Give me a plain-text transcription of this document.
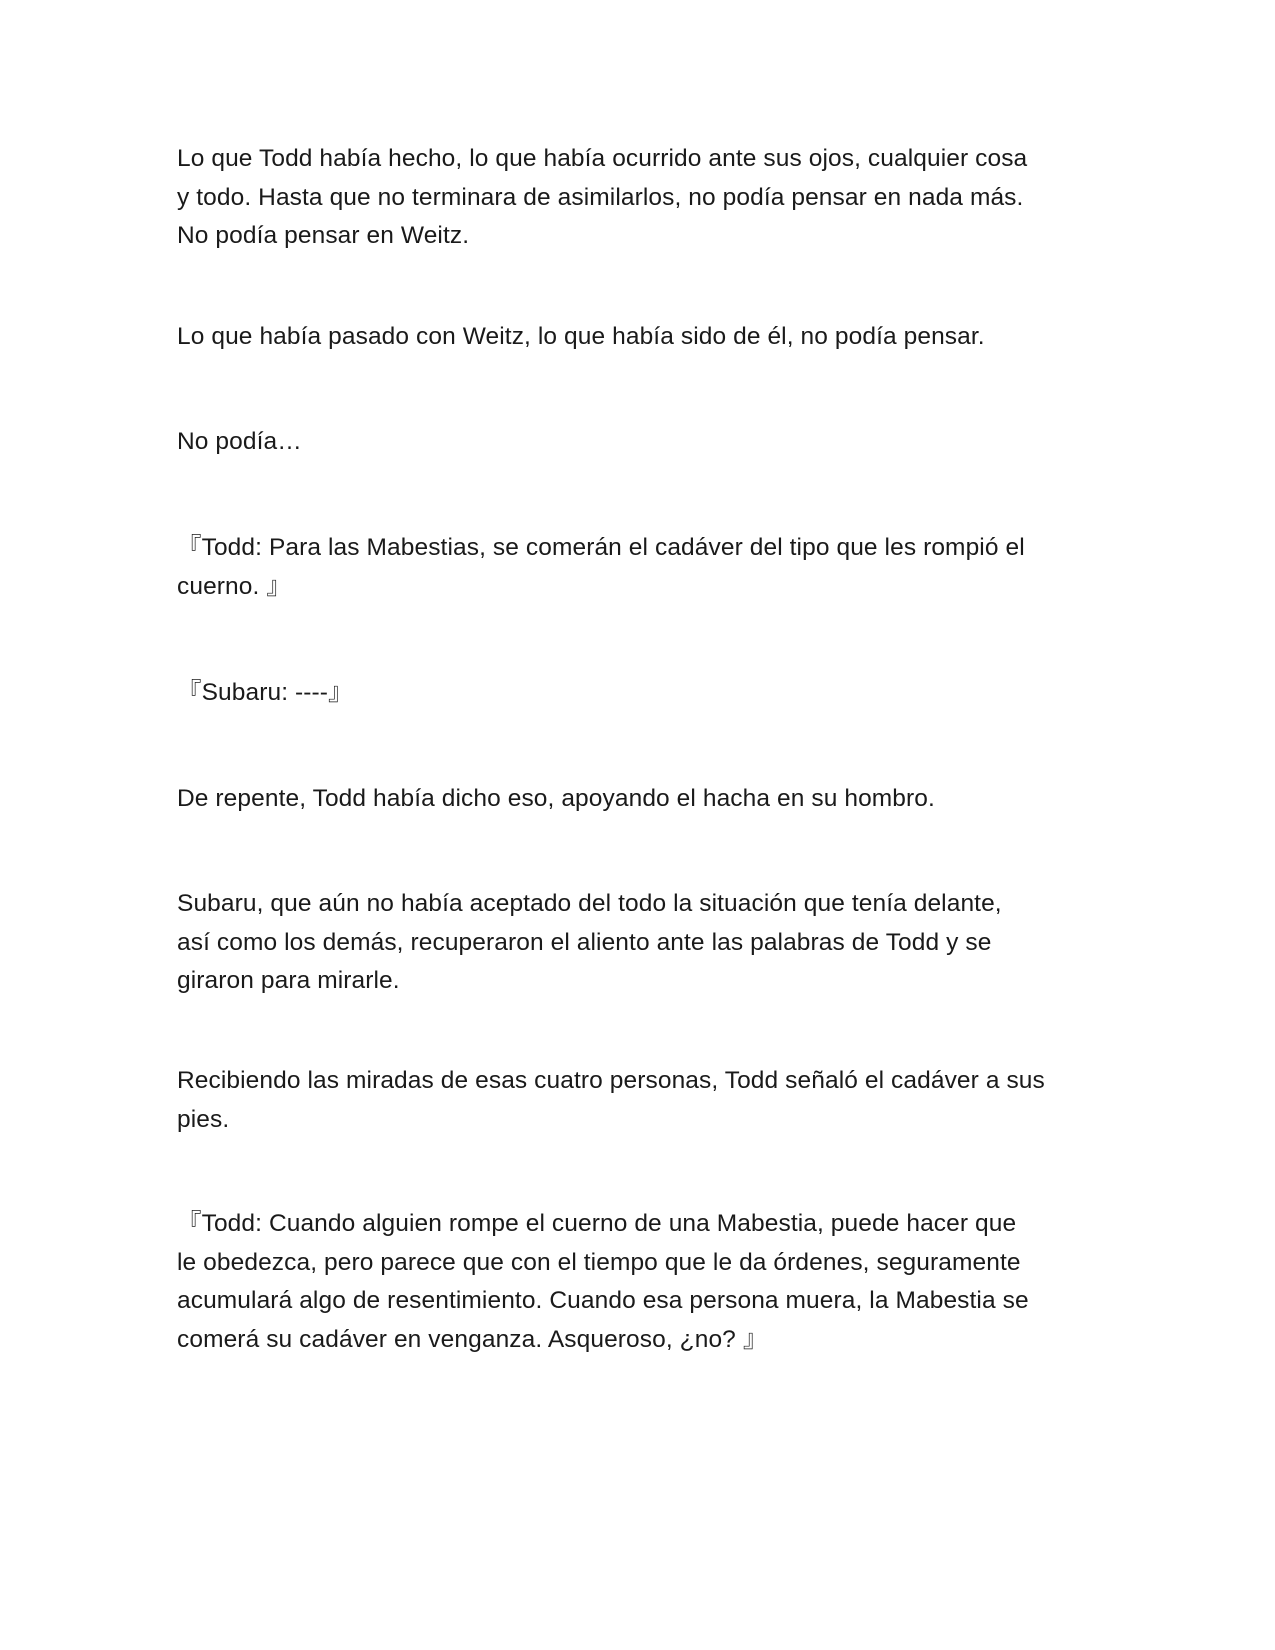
Lo que Todd había hecho, lo que había ocurrido ante sus ojos, cualquier cosa
y todo. Hasta que no terminara de asimilarlos, no podía pensar en nada más.
No podía pensar en Weitz.

Lo que había pasado con Weitz, lo que había sido de él, no podía pensar.

No podía…

『Todd: Para las Mabestias, se comerán el cadáver del tipo que les rompió el
cuerno. 』

『Subaru: ----』

De repente, Todd había dicho eso, apoyando el hacha en su hombro.

Subaru, que aún no había aceptado del todo la situación que tenía delante,
así como los demás, recuperaron el aliento ante las palabras de Todd y se
giraron para mirarle.

Recibiendo las miradas de esas cuatro personas, Todd señaló el cadáver a sus
pies.

『Todd: Cuando alguien rompe el cuerno de una Mabestia, puede hacer que
le obedezca, pero parece que con el tiempo que le da órdenes, seguramente
acumulará algo de resentimiento. Cuando esa persona muera, la Mabestia se
comerá su cadáver en venganza. Asqueroso, ¿no? 』
